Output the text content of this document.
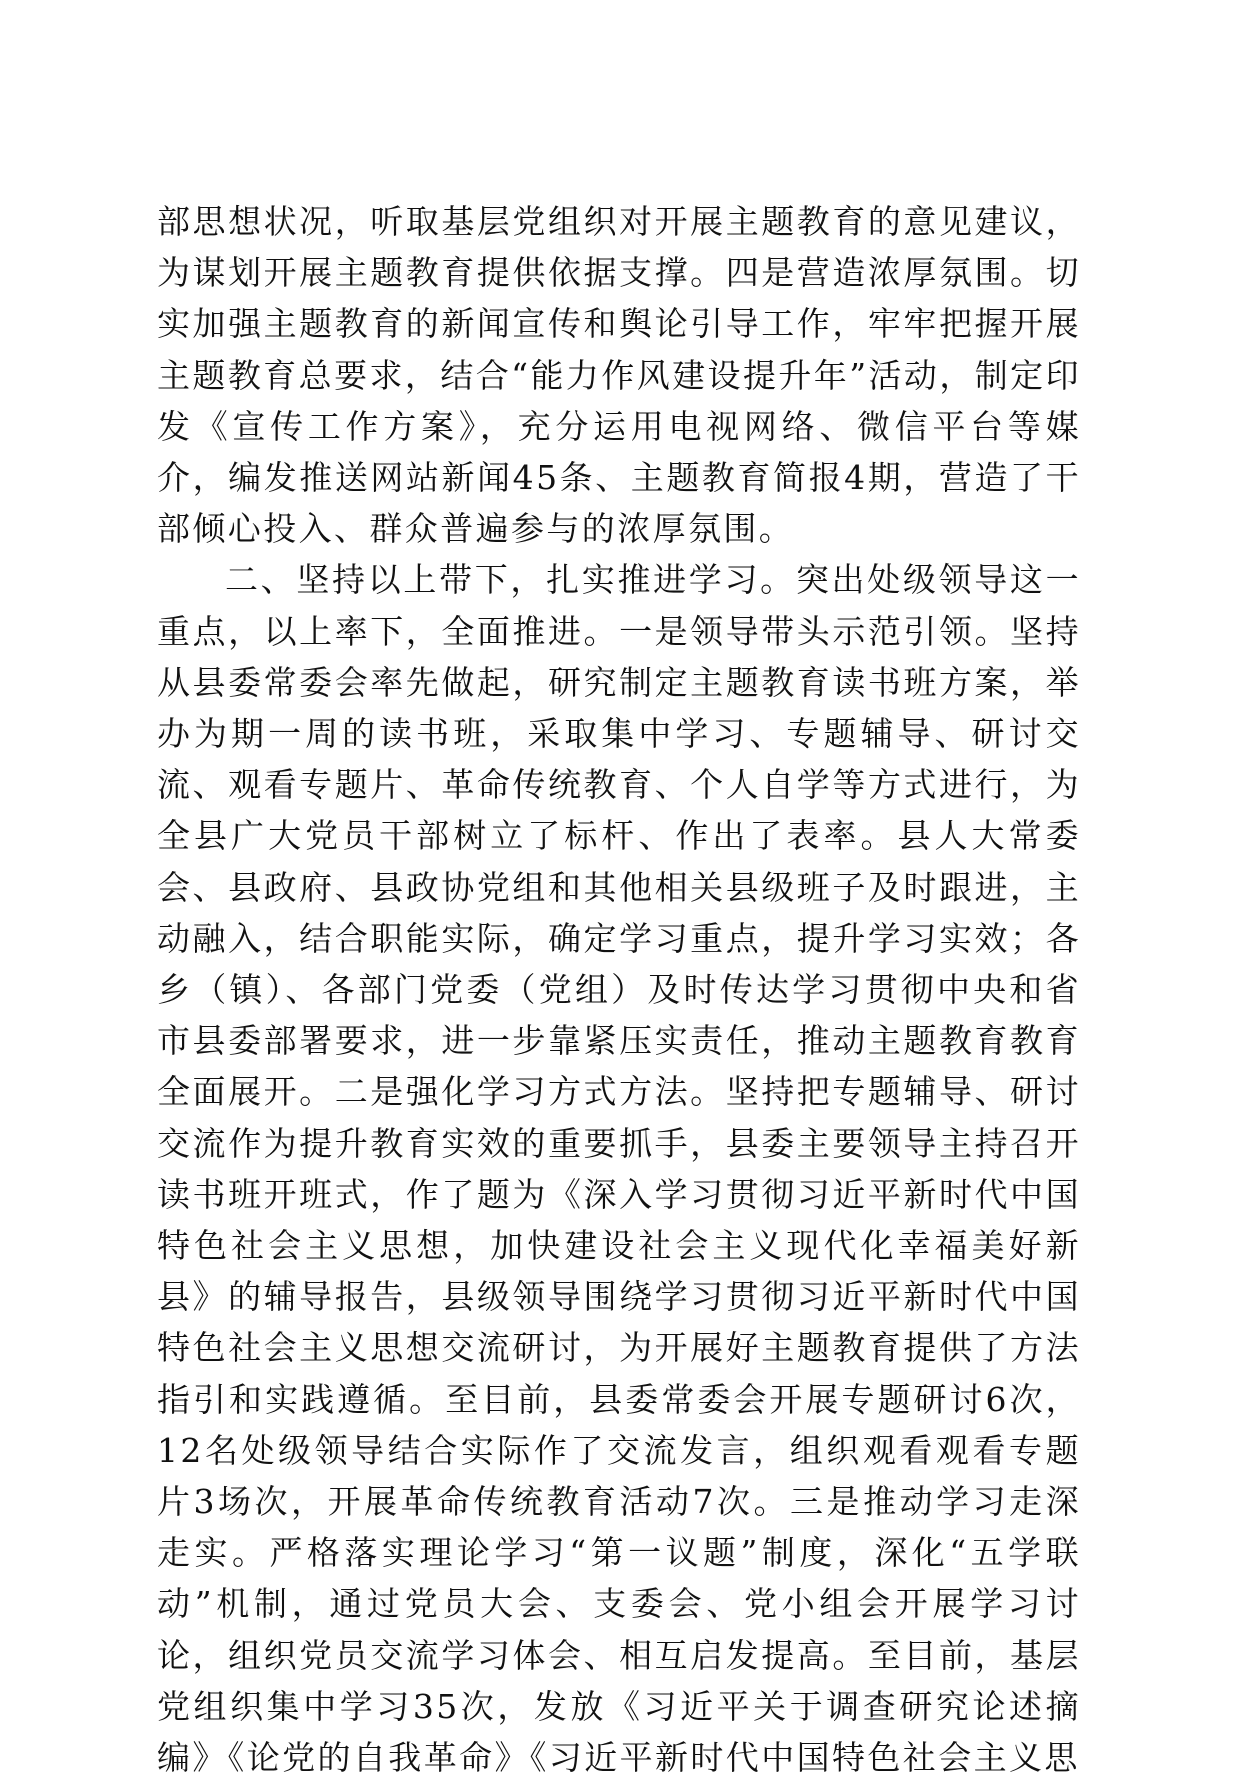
部思想状况，听取基层党组织对开展主题教育的意见建议，为谋划开展主题教育提供依据支撑。四是营造浓厚氛围。切实加强主题教育的新闻宣传和舆论引导工作，牢牢把握开展主题教育总要求，结合“能力作风建设提升年”活动，制定印发《宣传工作方案》，充分运用电视网络、微信平台等媒介，编发推送网站新闻45条、主题教育简报4期，营造了干部倾心投入、群众普遍参与的浓厚氛围。

二、坚持以上带下，扎实推进学习。突出处级领导这一重点，以上率下，全面推进。一是领导带头示范引领。坚持从县委常委会率先做起，研究制定主题教育读书班方案，举办为期一周的读书班，采取集中学习、专题辅导、研讨交流、观看专题片、革命传统教育、个人自学等方式进行，为全县广大党员干部树立了标杆、作出了表率。县人大常委会、县政府、县政协党组和其他相关县级班子及时跟进，主动融入，结合职能实际，确定学习重点，提升学习实效；各乡（镇）、各部门党委（党组）及时传达学习贯彻中央和省市县委部署要求，进一步靠紧压实责任，推动主题教育教育全面展开。二是强化学习方式方法。坚持把专题辅导、研讨交流作为提升教育实效的重要抓手，县委主要领导主持召开读书班开班式，作了题为《深入学习贯彻习近平新时代中国特色社会主义思想，加快建设社会主义现代化幸福美好新县》的辅导报告，县级领导围绕学习贯彻习近平新时代中国特色社会主义思想交流研讨，为开展好主题教育提供了方法指引和实践遵循。至目前，县委常委会开展专题研讨6次，12名处级领导结合实际作了交流发言，组织观看观看专题片3场次，开展革命传统教育活动7次。三是推动学习走深走实。严格落实理论学习“第一议题”制度，深化“五学联动”机制，通过党员大会、支委会、党小组会开展学习讨论，组织党员交流学习体会、相互启发提高。至目前，基层党组织集中学习35次，发放《习近平关于调查研究论述摘编》《论党的自我革命》《习近平新时代中国特色社会主义思
